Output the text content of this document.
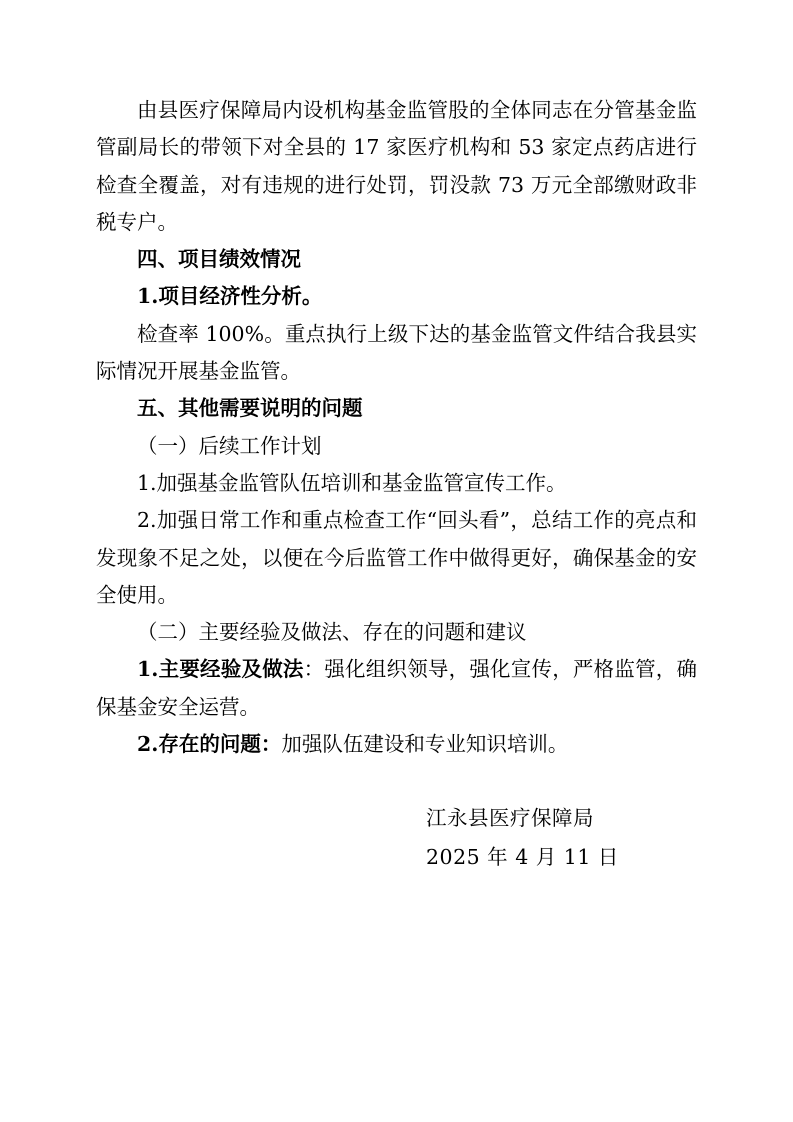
由县医疗保障局内设机构基金监管股的全体同志在分管基金监管副局长的带领下对全县的 17 家医疗机构和 53 家定点药店进行检查全覆盖，对有违规的进行处罚，罚没款 73 万元全部缴财政非税专户。

四、项目绩效情况

1.项目经济性分析。

检查率 100%。重点执行上级下达的基金监管文件结合我县实际情况开展基金监管。

五、其他需要说明的问题

（一）后续工作计划

1.加强基金监管队伍培训和基金监管宣传工作。

2.加强日常工作和重点检查工作“回头看”，总结工作的亮点和发现象不足之处，以便在今后监管工作中做得更好，确保基金的安全使用。

（二）主要经验及做法、存在的问题和建议

1.主要经验及做法：强化组织领导，强化宣传，严格监管，确保基金安全运营。

2.存在的问题：加强队伍建设和专业知识培训。

江永县医疗保障局

2025 年 4 月 11 日
